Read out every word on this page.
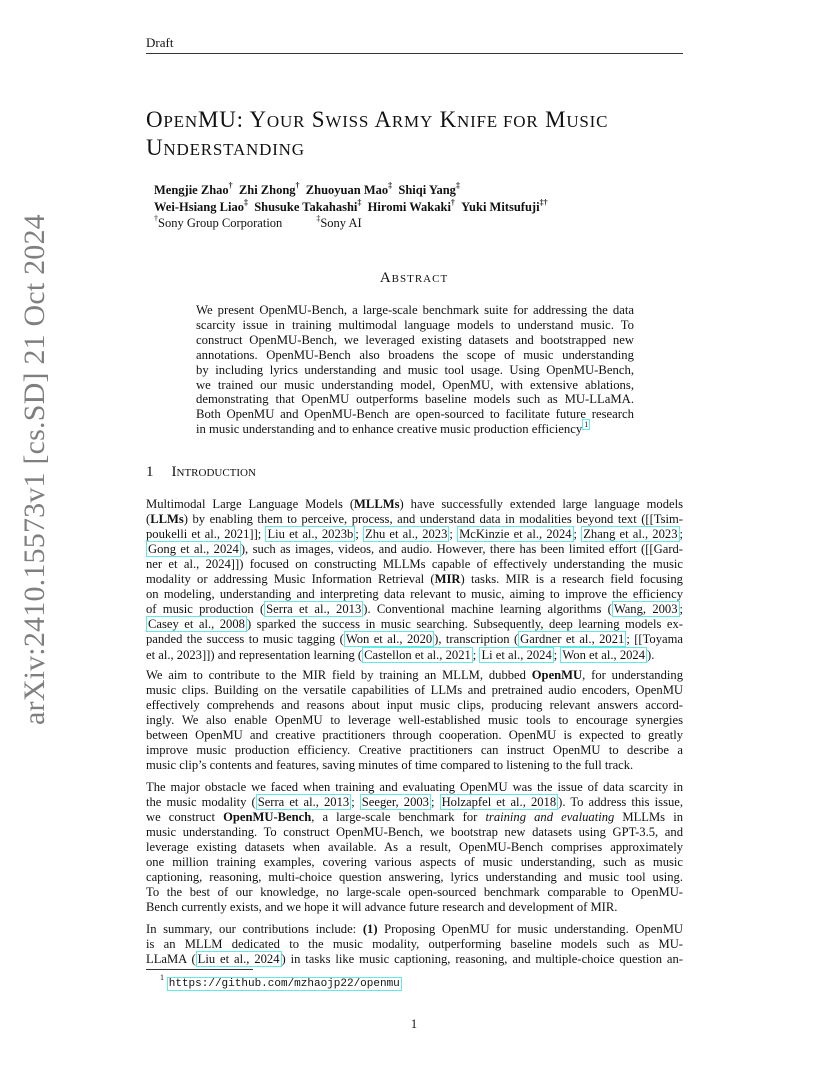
Draft
arXiv:2410.15573v1 [cs.SD] 21 Oct 2024
OPENMU: YOUR SWISS ARMY KNIFE FOR MUSIC
UNDERSTANDING
Mengjie Zhao† Zhi Zhong† Zhuoyuan Mao‡ Shiqi Yang‡
Wei-Hsiang Liao‡ Shusuke Takahashi‡ Hiromi Wakaki† Yuki Mitsufuji‡†
†Sony Group Corporation	‡Sony AI
Abstract
We present OpenMU-Bench, a large-scale benchmark suite for addressing the data
scarcity issue in training multimodal language models to understand music. To
construct OpenMU-Bench, we leveraged existing datasets and bootstrapped new
annotations. OpenMU-Bench also broadens the scope of music understanding
by including lyrics understanding and music tool usage. Using OpenMU-Bench,
we trained our music understanding model, OpenMU, with extensive ablations,
demonstrating that OpenMU outperforms baseline models such as MU-LLaMA.
Both OpenMU and OpenMU-Bench are open-sourced to facilitate future research
in music understanding and to enhance creative music production efficiency $^1$
1 Introduction
Multimodal Large Language Models (MLLMs) have successfully extended large language models
(LLMs) by enabling them to perceive, process, and understand data in modalities beyond text ([[Tsim-
poukelli et al., 2021]]; Liu et al., 2023b ; Zhu et al., 2023 ; McKinzie et al., 2024 ; Zhang et al., 2023 ;
Gong et al., 2024 ), such as images, videos, and audio. However, there has been limited effort ([[Gard-
ner et al., 2024]]) focused on constructing MLLMs capable of effectively understanding the music
modality or addressing Music Information Retrieval (MIR) tasks. MIR is a research field focusing
on modeling, understanding and interpreting data relevant to music, aiming to improve the efficiency
of music production ( Serra et al., 2013 ). Conventional machine learning algorithms ( Wang, 2003 ;
Casey et al., 2008 ) sparked the success in music searching. Subsequently, deep learning models ex-
panded the success to music tagging ( Won et al., 2020 ), transcription ( Gardner et al., 2021 ; [[Toyama
et al., 2023]]) and representation learning ( Castellon et al., 2021 ; Li et al., 2024 ; Won et al., 2024 ).
We aim to contribute to the MIR field by training an MLLM, dubbed OpenMU, for understanding
music clips. Building on the versatile capabilities of LLMs and pretrained audio encoders, OpenMU
effectively comprehends and reasons about input music clips, producing relevant answers accord-
ingly. We also enable OpenMU to leverage well-established music tools to encourage synergies
between OpenMU and creative practitioners through cooperation. OpenMU is expected to greatly
improve music production efficiency. Creative practitioners can instruct OpenMU to describe a
music clip’s contents and features, saving minutes of time compared to listening to the full track.
The major obstacle we faced when training and evaluating OpenMU was the issue of data scarcity in
the music modality ( Serra et al., 2013 ; Seeger, 2003 ; Holzapfel et al., 2018 ). To address this issue,
we construct OpenMU-Bench, a large-scale benchmark for training and evaluating MLLMs in
music understanding. To construct OpenMU-Bench, we bootstrap new datasets using GPT-3.5, and
leverage existing datasets when available. As a result, OpenMU-Bench comprises approximately
one million training examples, covering various aspects of music understanding, such as music
captioning, reasoning, multi-choice question answering, lyrics understanding and music tool using.
To the best of our knowledge, no large-scale open-sourced benchmark comparable to OpenMU-
Bench currently exists, and we hope it will advance future research and development of MIR.
In summary, our contributions include: (1) Proposing OpenMU for music understanding. OpenMU
is an MLLM dedicated to the music modality, outperforming baseline models such as MU-
LLaMA ( Liu et al., 2024 ) in tasks like music captioning, reasoning, and multiple-choice question an-
$^1$ https://github.com/mzhaojp22/openmu
1
